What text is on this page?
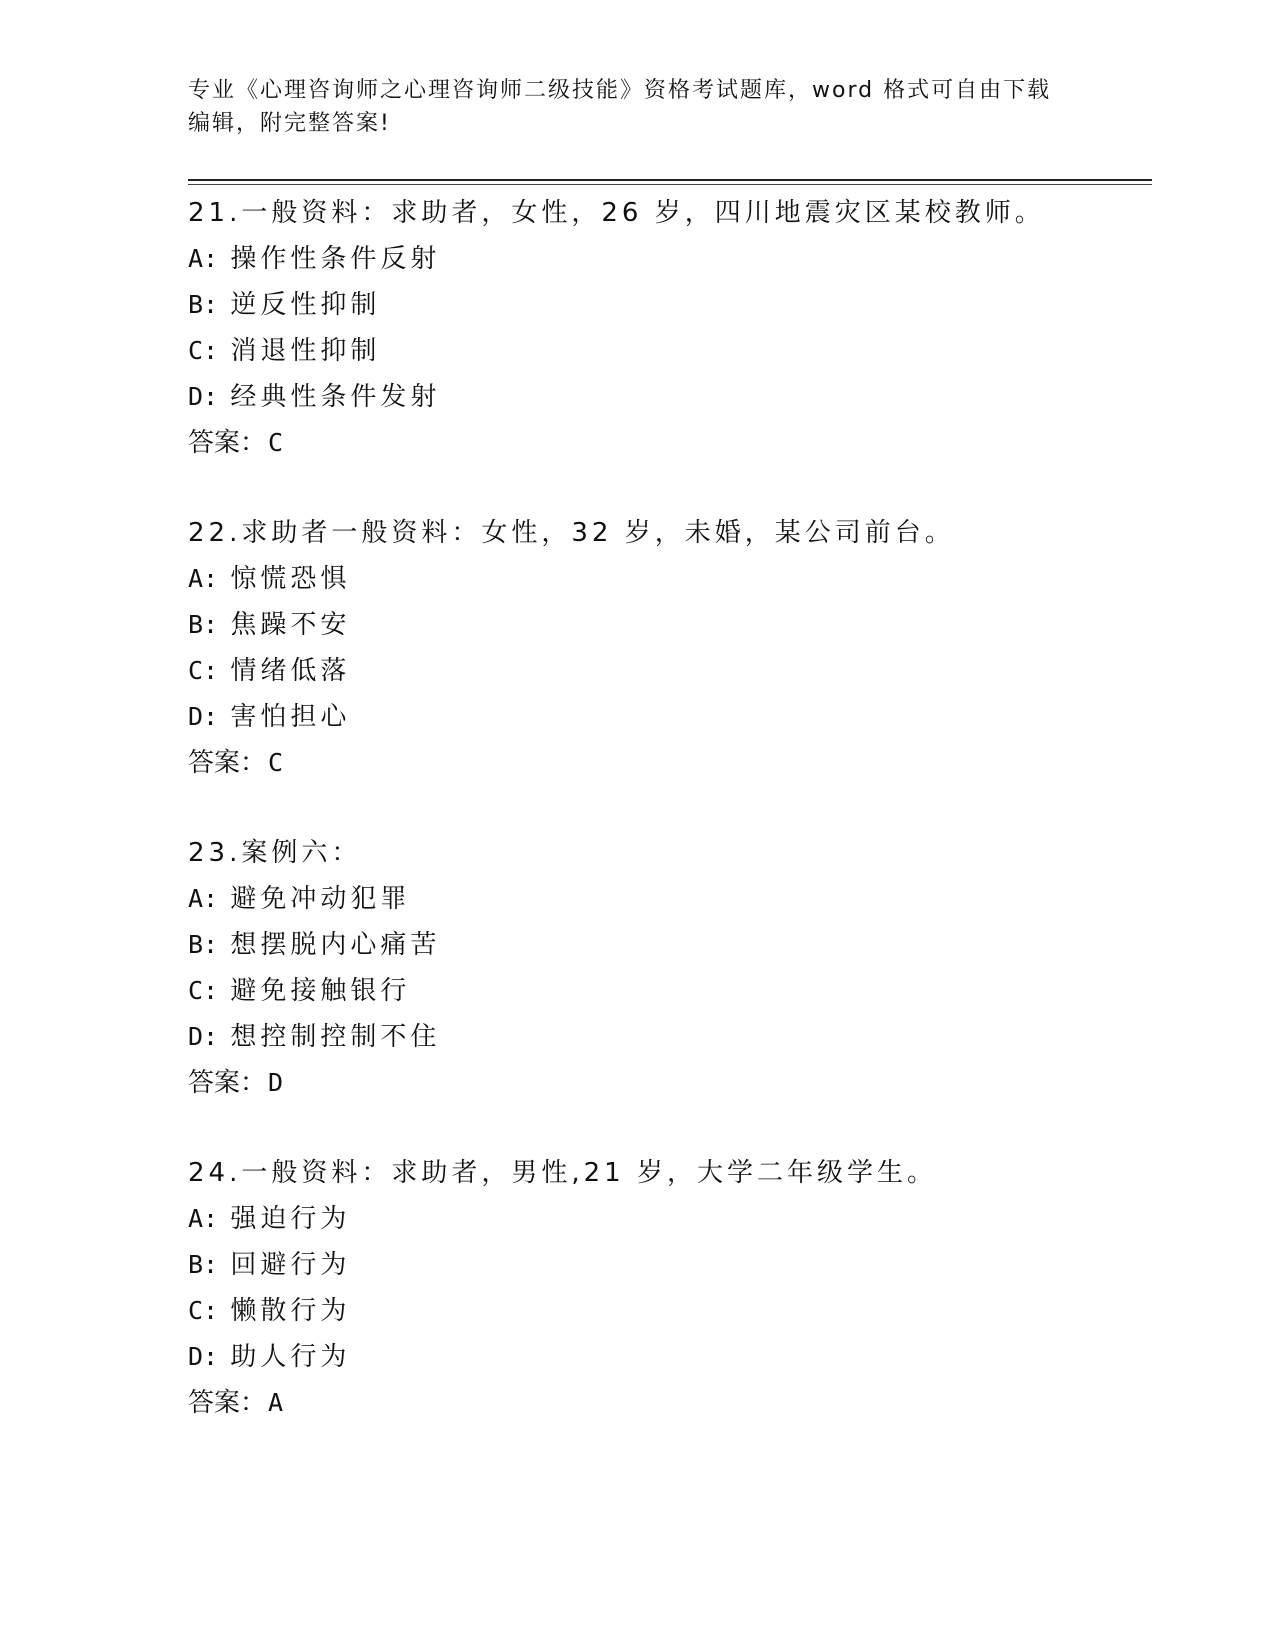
专业《心理咨询师之心理咨询师二级技能》资格考试题库，word 格式可自由下载
编辑，附完整答案!
21.一般资料：求助者，女性，26 岁，四川地震灾区某校教师。
A: 操作性条件反射
B: 逆反性抑制
C: 消退性抑制
D: 经典性条件发射
答案：C
22.求助者一般资料：女性，32 岁，未婚，某公司前台。
A: 惊慌恐惧
B: 焦躁不安
C: 情绪低落
D: 害怕担心
答案：C
23.案例六：
A: 避免冲动犯罪
B: 想摆脱内心痛苦
C: 避免接触银行
D: 想控制控制不住
答案：D
24.一般资料：求助者，男性,21 岁，大学二年级学生。
A: 强迫行为
B: 回避行为
C: 懒散行为
D: 助人行为
答案：A
